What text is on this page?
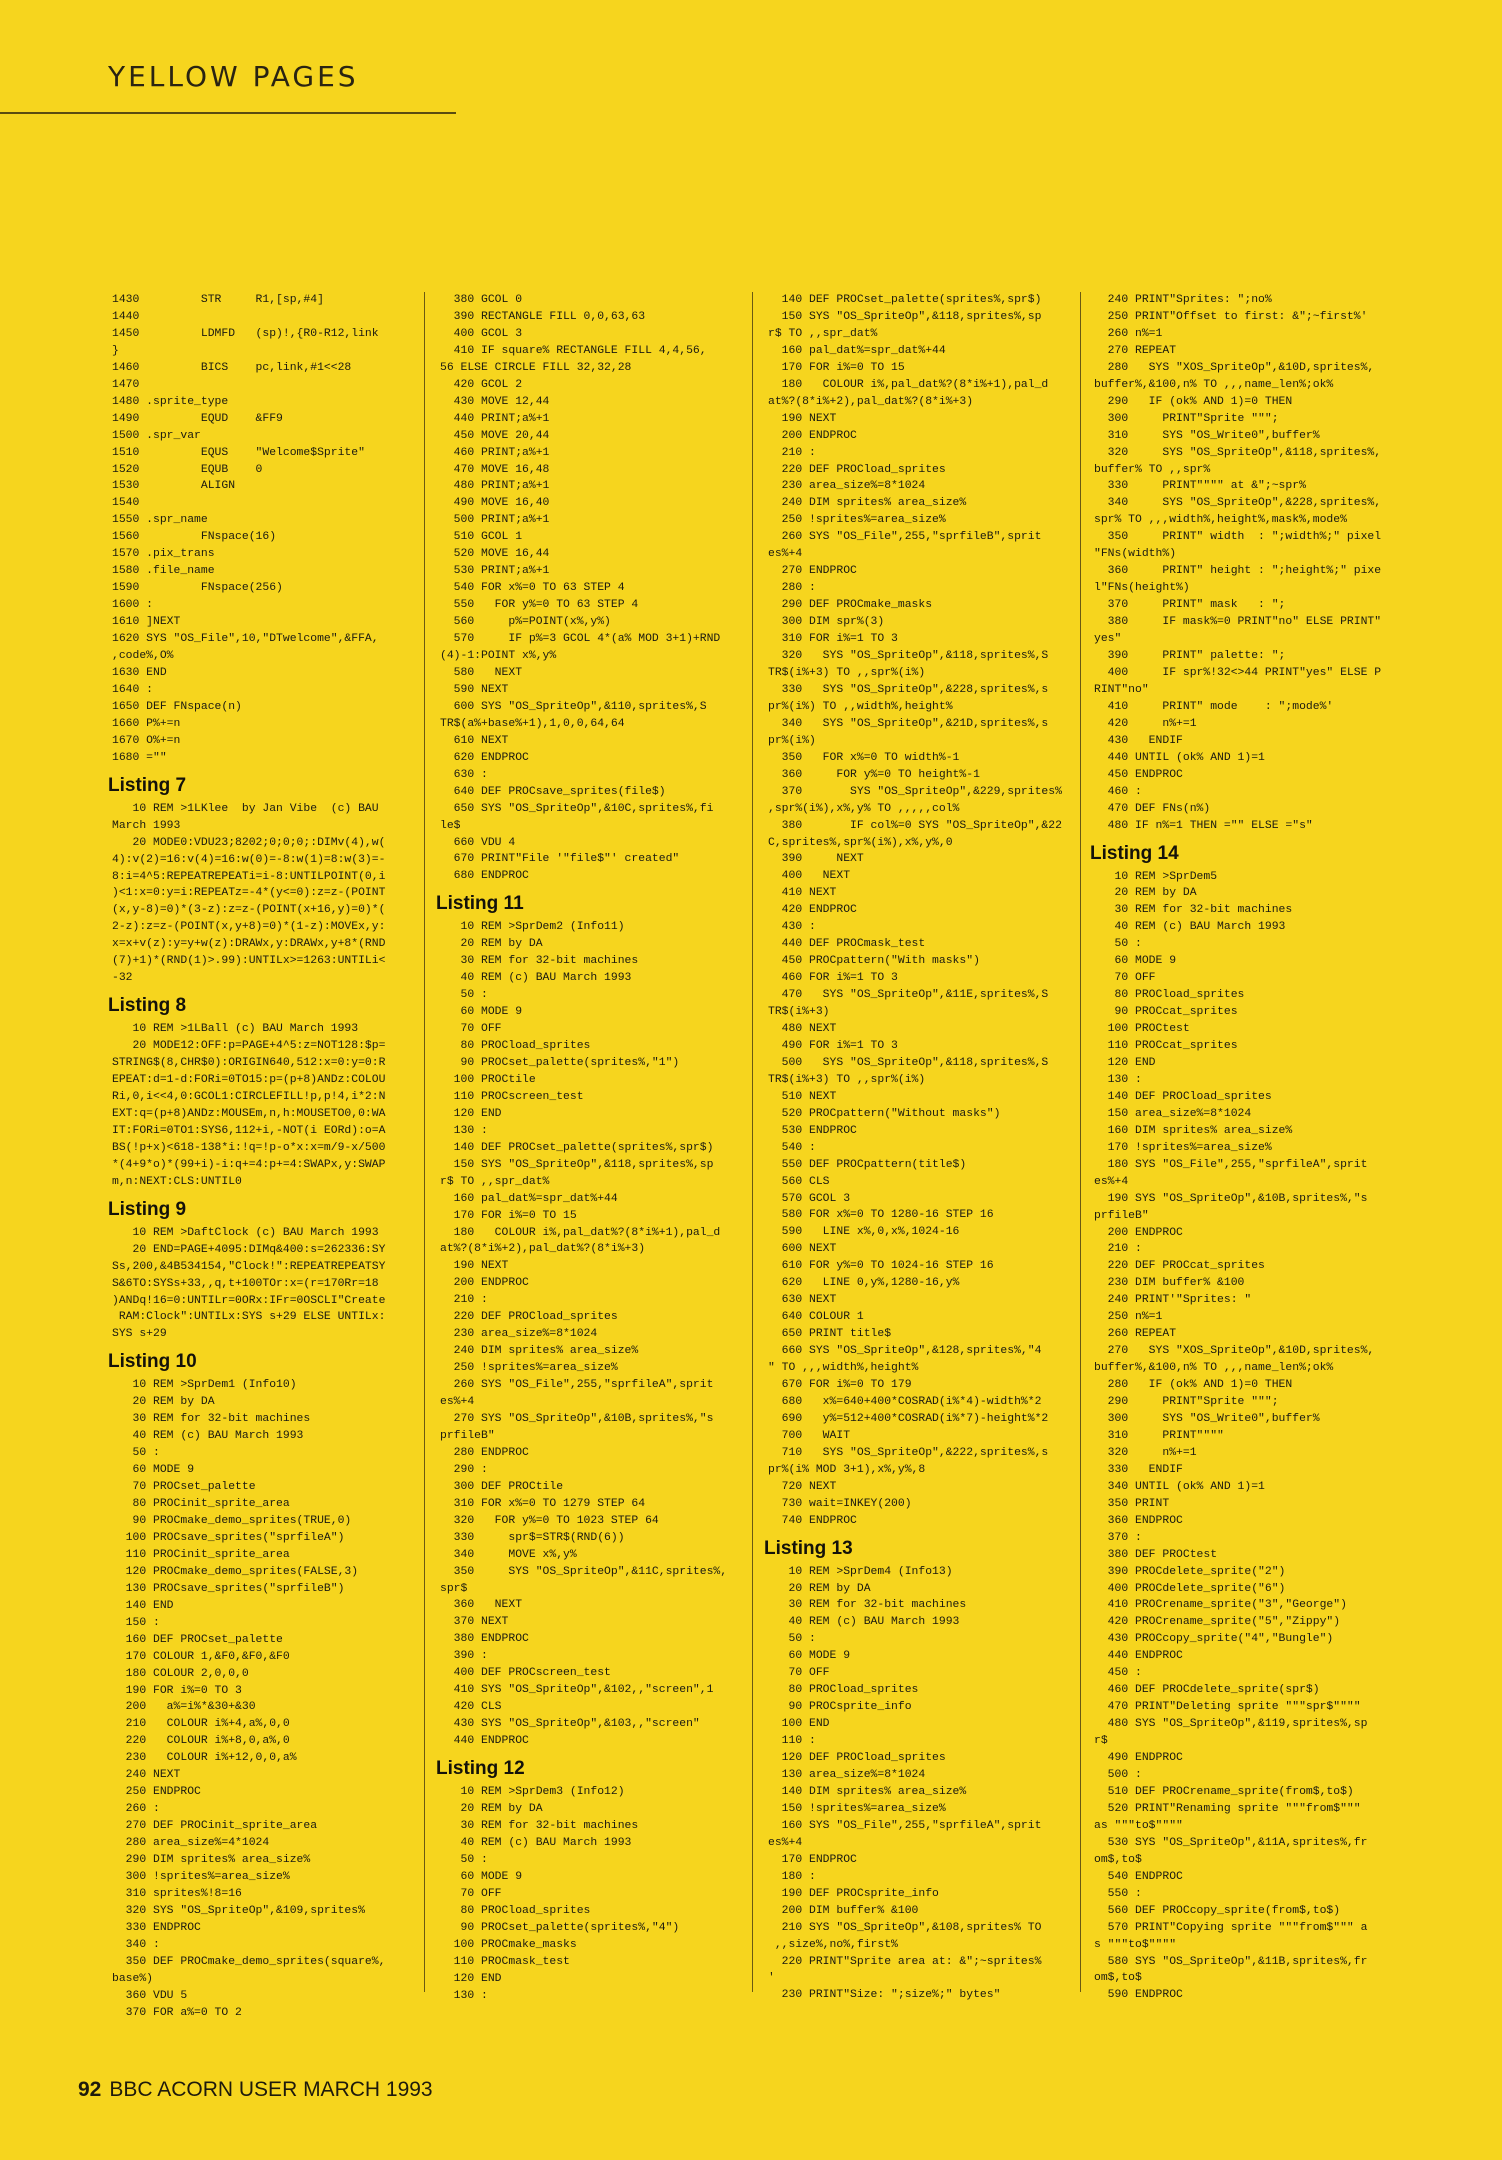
YELLOW PAGES
1430         STR     R1,[sp,#4]
1440
1450         LDMFD   (sp)!,{R0-R12,link
}
1460         BICS    pc,link,#1<<28
1470
1480 .sprite_type
1490         EQUD    &FF9
1500 .spr_var
1510         EQUS    "Welcome$Sprite"
1520         EQUB    0
1530         ALIGN
1540
1550 .spr_name
1560         FNspace(16)
1570 .pix_trans
1580 .file_name
1590         FNspace(256)
1600 :
1610 ]NEXT
1620 SYS "OS_File",10,"DTwelcome",&FFA,
,code%,O%
1630 END
1640 :
1650 DEF FNspace(n)
1660 P%+=n
1670 O%+=n
1680 =""
Listing 7
10 REM >1LKlee  by Jan Vibe  (c) BAU
March 1993
20 MODE0:VDU23;8202;0;0;0;:DIMv(4),w(
4):v(2)=16:v(4)=16:w(0)=-8:w(1)=8:w(3)=-
8:i=4^5:REPEATREPEATi=i-8:UNTILPOINT(0,i
)<1:x=0:y=i:REPEATz=-4*(y<=0):z=z-(POINT
(x,y-8)=0)*(3-z):z=z-(POINT(x+16,y)=0)*(
2-z):z=z-(POINT(x,y+8)=0)*(1-z):MOVEx,y:
x=x+v(z):y=y+w(z):DRAWx,y:DRAWx,y+8*(RND
(7)+1)*(RND(1)>.99):UNTILx>=1263:UNTILi<
-32
Listing 8
10 REM >1LBall (c) BAU March 1993
20 MODE12:OFF:p=PAGE+4^5:z=NOT128:$p=
STRING$(8,CHR$0):ORIGIN640,512:x=0:y=0:R
EPEAT:d=1-d:FORi=0TO15:p=(p+8)ANDz:COLOU
Ri,0,i<<4,0:GCOL1:CIRCLEFILL!p,p!4,i*2:N
EXT:q=(p+8)ANDz:MOUSEm,n,h:MOUSETO0,0:WA
IT:FORi=0TO1:SYS6,112+i,-NOT(i EORd):o=A
BS(!p+x)<618-138*i:!q=!p-o*x:x=m/9-x/500
*(4+9*o)*(99+i)-i:q+=4:p+=4:SWAPx,y:SWAP
m,n:NEXT:CLS:UNTIL0
Listing 9
10 REM >DaftClock (c) BAU March 1993
20 END=PAGE+4095:DIMq&400:s=262336:SY
Ss,200,&4B534154,"Clock!":REPEATREPEATSY
S&6TO:SYSs+33,,q,t+100TOr:x=(r=170Rr=18
)ANDq!16=0:UNTILr=0ORx:IFr=0OSCLI"Create
RAM:Clock":UNTILx:SYS s+29 ELSE UNTILx:
SYS s+29
Listing 10
10 REM >SprDem1 (Info10)
20 REM by DA
30 REM for 32-bit machines
40 REM (c) BAU March 1993
50 :
60 MODE 9
70 PROCset_palette
80 PROCinit_sprite_area
90 PROCmake_demo_sprites(TRUE,0)
100 PROCsave_sprites("sprfileA")
110 PROCinit_sprite_area
120 PROCmake_demo_sprites(FALSE,3)
130 PROCsave_sprites("sprfileB")
140 END
150 :
160 DEF PROCset_palette
170 COLOUR 1,&F0,&F0,&F0
180 COLOUR 2,0,0,0
190 FOR i%=0 TO 3
200   a%=i%*&30+&30
210   COLOUR i%+4,a%,0,0
220   COLOUR i%+8,0,a%,0
230   COLOUR i%+12,0,0,a%
240 NEXT
250 ENDPROC
260 :
270 DEF PROCinit_sprite_area
280 area_size%=4*1024
290 DIM sprites% area_size%
300 !sprites%=area_size%
310 sprites%!8=16
320 SYS "OS_SpriteOp",&109,sprites%
330 ENDPROC
340 :
350 DEF PROCmake_demo_sprites(square%,
base%)
360 VDU 5
370 FOR a%=0 TO 2
380 GCOL 0
390 RECTANGLE FILL 0,0,63,63
400 GCOL 3
410 IF square% RECTANGLE FILL 4,4,56,
56 ELSE CIRCLE FILL 32,32,28
420 GCOL 2
430 MOVE 12,44
440 PRINT;a%+1
450 MOVE 20,44
460 PRINT;a%+1
470 MOVE 16,48
480 PRINT;a%+1
490 MOVE 16,40
500 PRINT;a%+1
510 GCOL 1
520 MOVE 16,44
530 PRINT;a%+1
540 FOR x%=0 TO 63 STEP 4
550   FOR y%=0 TO 63 STEP 4
560     p%=POINT(x%,y%)
570     IF p%=3 GCOL 4*(a% MOD 3+1)+RND
(4)-1:POINT x%,y%
580   NEXT
590 NEXT
600 SYS "OS_SpriteOp",&110,sprites%,S
TR$(a%+base%+1),1,0,0,64,64
610 NEXT
620 ENDPROC
630 :
640 DEF PROCsave_sprites(file$)
650 SYS "OS_SpriteOp",&10C,sprites%,fi
le$
660 VDU 4
670 PRINT"File '"file$"' created"
680 ENDPROC
Listing 11
10 REM >SprDem2 (Info11)
20 REM by DA
30 REM for 32-bit machines
40 REM (c) BAU March 1993
50 :
60 MODE 9
70 OFF
80 PROCload_sprites
90 PROCset_palette(sprites%,"1")
100 PROCtile
110 PROCscreen_test
120 END
130 :
140 DEF PROCset_palette(sprites%,spr$)
150 SYS "OS_SpriteOp",&118,sprites%,sp
r$ TO ,,spr_dat%
160 pal_dat%=spr_dat%+44
170 FOR i%=0 TO 15
180   COLOUR i%,pal_dat%?(8*i%+1),pal_d
at%?(8*i%+2),pal_dat%?(8*i%+3)
190 NEXT
200 ENDPROC
210 :
220 DEF PROCload_sprites
230 area_size%=8*1024
240 DIM sprites% area_size%
250 !sprites%=area_size%
260 SYS "OS_File",255,"sprfileA",sprit
es%+4
270 SYS "OS_SpriteOp",&10B,sprites%,"s
prfileB"
280 ENDPROC
290 :
300 DEF PROCtile
310 FOR x%=0 TO 1279 STEP 64
320   FOR y%=0 TO 1023 STEP 64
330     spr$=STR$(RND(6))
340     MOVE x%,y%
350     SYS "OS_SpriteOp",&11C,sprites%,
spr$
360   NEXT
370 NEXT
380 ENDPROC
390 :
400 DEF PROCscreen_test
410 SYS "OS_SpriteOp",&102,,"screen",1
420 CLS
430 SYS "OS_SpriteOp",&103,,"screen"
440 ENDPROC
Listing 12
10 REM >SprDem3 (Info12)
20 REM by DA
30 REM for 32-bit machines
40 REM (c) BAU March 1993
50 :
60 MODE 9
70 OFF
80 PROCload_sprites
90 PROCset_palette(sprites%,"4")
100 PROCmake_masks
110 PROCmask_test
120 END
130 :
140 DEF PROCset_palette(sprites%,spr$)
150 SYS "OS_SpriteOp",&118,sprites%,sp
r$ TO ,,spr_dat%
160 pal_dat%=spr_dat%+44
170 FOR i%=0 TO 15
180   COLOUR i%,pal_dat%?(8*i%+1),pal_d
at%?(8*i%+2),pal_dat%?(8*i%+3)
190 NEXT
200 ENDPROC
210 :
220 DEF PROCload_sprites
230 area_size%=8*1024
240 DIM sprites% area_size%
250 !sprites%=area_size%
260 SYS "OS_File",255,"sprfileB",sprit
es%+4
270 ENDPROC
280 :
290 DEF PROCmake_masks
300 DIM spr%(3)
310 FOR i%=1 TO 3
320   SYS "OS_SpriteOp",&118,sprites%,S
TR$(i%+3) TO ,,spr%(i%)
330   SYS "OS_SpriteOp",&228,sprites%,s
pr%(i%) TO ,,width%,height%
340   SYS "OS_SpriteOp",&21D,sprites%,s
pr%(i%)
350   FOR x%=0 TO width%-1
360     FOR y%=0 TO height%-1
370       SYS "OS_SpriteOp",&229,sprites%
,spr%(i%),x%,y% TO ,,,,,col%
380       IF col%=0 SYS "OS_SpriteOp",&22
C,sprites%,spr%(i%),x%,y%,0
390     NEXT
400   NEXT
410 NEXT
420 ENDPROC
430 :
440 DEF PROCmask_test
450 PROCpattern("With masks")
460 FOR i%=1 TO 3
470   SYS "OS_SpriteOp",&11E,sprites%,S
TR$(i%+3)
480 NEXT
490 FOR i%=1 TO 3
500   SYS "OS_SpriteOp",&118,sprites%,S
TR$(i%+3) TO ,,spr%(i%)
510 NEXT
520 PROCpattern("Without masks")
530 ENDPROC
540 :
550 DEF PROCpattern(title$)
560 CLS
570 GCOL 3
580 FOR x%=0 TO 1280-16 STEP 16
590   LINE x%,0,x%,1024-16
600 NEXT
610 FOR y%=0 TO 1024-16 STEP 16
620   LINE 0,y%,1280-16,y%
630 NEXT
640 COLOUR 1
650 PRINT title$
660 SYS "OS_SpriteOp",&128,sprites%,"4
" TO ,,,width%,height%
670 FOR i%=0 TO 179
680   x%=640+400*COSRAD(i%*4)-width%*2
690   y%=512+400*COSRAD(i%*7)-height%*2
700   WAIT
710   SYS "OS_SpriteOp",&222,sprites%,s
pr%(i% MOD 3+1),x%,y%,8
720 NEXT
730 wait=INKEY(200)
740 ENDPROC
Listing 13
10 REM >SprDem4 (Info13)
20 REM by DA
30 REM for 32-bit machines
40 REM (c) BAU March 1993
50 :
60 MODE 9
70 OFF
80 PROCload_sprites
90 PROCsprite_info
100 END
110 :
120 DEF PROCload_sprites
130 area_size%=8*1024
140 DIM sprites% area_size%
150 !sprites%=area_size%
160 SYS "OS_File",255,"sprfileA",sprit
es%+4
170 ENDPROC
180 :
190 DEF PROCsprite_info
200 DIM buffer% &100
210 SYS "OS_SpriteOp",&108,sprites% TO
,,size%,no%,first%
220 PRINT"Sprite area at: &";~sprites%
'
230 PRINT"Size: ";size%;" bytes"
240 PRINT"Sprites: ";no%
250 PRINT"Offset to first: &";~first%'
260 n%=1
270 REPEAT
280   SYS "XOS_SpriteOp",&10D,sprites%,
buffer%,&100,n% TO ,,,name_len%;ok%
290   IF (ok% AND 1)=0 THEN
300     PRINT"Sprite """;
310     SYS "OS_Write0",buffer%
320     SYS "OS_SpriteOp",&118,sprites%,
buffer% TO ,,spr%
330     PRINT"""" at &";~spr%
340     SYS "OS_SpriteOp",&228,sprites%,
spr% TO ,,,width%,height%,mask%,mode%
350     PRINT" width  : ";width%;" pixel
"FNs(width%)
360     PRINT" height : ";height%;" pixe
l"FNs(height%)
370     PRINT" mask   : ";
380     IF mask%=0 PRINT"no" ELSE PRINT"
yes"
390     PRINT" palette: ";
400     IF spr%!32<>44 PRINT"yes" ELSE P
RINT"no"
410     PRINT" mode    : ";mode%'
420     n%+=1
430   ENDIF
440 UNTIL (ok% AND 1)=1
450 ENDPROC
460 :
470 DEF FNs(n%)
480 IF n%=1 THEN ="" ELSE ="s"
Listing 14
10 REM >SprDem5
20 REM by DA
30 REM for 32-bit machines
40 REM (c) BAU March 1993
50 :
60 MODE 9
70 OFF
80 PROCload_sprites
90 PROCcat_sprites
100 PROCtest
110 PROCcat_sprites
120 END
130 :
140 DEF PROCload_sprites
150 area_size%=8*1024
160 DIM sprites% area_size%
170 !sprites%=area_size%
180 SYS "OS_File",255,"sprfileA",sprit
es%+4
190 SYS "OS_SpriteOp",&10B,sprites%,"s
prfileB"
200 ENDPROC
210 :
220 DEF PROCcat_sprites
230 DIM buffer% &100
240 PRINT'"Sprites: "
250 n%=1
260 REPEAT
270   SYS "XOS_SpriteOp",&10D,sprites%,
buffer%,&100,n% TO ,,,name_len%;ok%
280   IF (ok% AND 1)=0 THEN
290     PRINT"Sprite """;
300     SYS "OS_Write0",buffer%
310     PRINT""""
320     n%+=1
330   ENDIF
340 UNTIL (ok% AND 1)=1
350 PRINT
360 ENDPROC
370 :
380 DEF PROCtest
390 PROCdelete_sprite("2")
400 PROCdelete_sprite("6")
410 PROCrename_sprite("3","George")
420 PROCrename_sprite("5","Zippy")
430 PROCcopy_sprite("4","Bungle")
440 ENDPROC
450 :
460 DEF PROCdelete_sprite(spr$)
470 PRINT"Deleting sprite """spr$""""
480 SYS "OS_SpriteOp",&119,sprites%,sp
r$
490 ENDPROC
500 :
510 DEF PROCrename_sprite(from$,to$)
520 PRINT"Renaming sprite """from$"""
as """to$""""
530 SYS "OS_SpriteOp",&11A,sprites%,fr
om$,to$
540 ENDPROC
550 :
560 DEF PROCcopy_sprite(from$,to$)
570 PRINT"Copying sprite """from$""" a
s """to$""""
580 SYS "OS_SpriteOp",&11B,sprites%,fr
om$,to$
590 ENDPROC
92 BBC ACORN USER MARCH 1993
